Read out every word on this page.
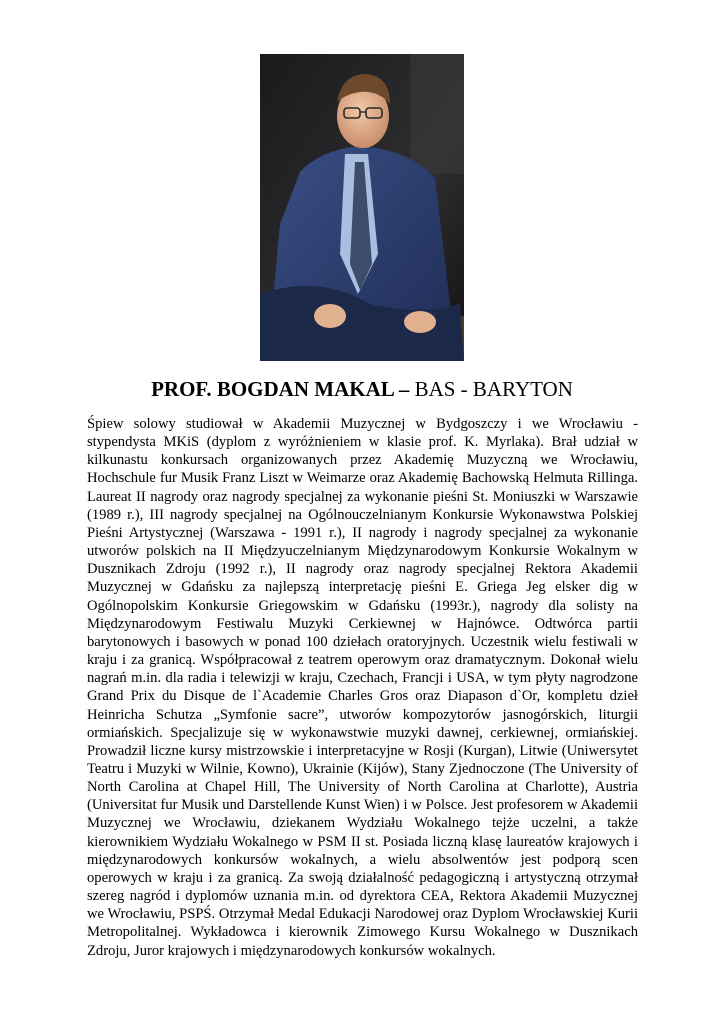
PROF. BOGDAN MAKAL – BAS - BARYTON

Śpiew solowy studiował w Akademii Muzycznej w Bydgoszczy i we Wrocławiu - stypendysta MKiS (dyplom z wyróżnieniem w klasie prof. K. Myrlaka). Brał udział w kilkunastu konkursach organizowanych przez Akademię Muzyczną we Wrocławiu, Hochschule fur Musik Franz Liszt w Weimarze oraz Akademię Bachowską Helmuta Rillinga. Laureat II nagrody oraz nagrody specjalnej za wykonanie pieśni St. Moniuszki w Warszawie (1989 r.), III nagrody specjalnej na Ogólnouczelnianym Konkursie Wykonawstwa Polskiej Pieśni Artystycznej (Warszawa - 1991 r.), II nagrody i nagrody specjalnej za wykonanie utworów polskich na II Międzyuczelnianym Międzynarodowym Konkursie Wokalnym w Dusznikach Zdroju (1992 r.), II nagrody oraz nagrody specjalnej Rektora Akademii Muzycznej w Gdańsku za najlepszą interpretację pieśni E. Griega Jeg elsker dig w Ogólnopolskim Konkursie Griegowskim w Gdańsku (1993r.), nagrody dla solisty na Międzynarodowym Festiwalu Muzyki Cerkiewnej w Hajnówce. Odtwórca partii barytonowych i basowych w ponad 100 dziełach oratoryjnych. Uczestnik wielu festiwali w kraju i za granicą. Współpracował z teatrem operowym oraz dramatycznym. Dokonał wielu nagrań m.in. dla radia i telewizji w kraju, Czechach, Francji i USA, w tym płyty nagrodzone Grand Prix du Disque de l`Academie Charles Gros oraz Diapason d`Or, kompletu dzieł Heinricha Schutza „Symfonie sacre”, utworów kompozytorów jasnogórskich, liturgii ormiańskich. Specjalizuje się w wykonawstwie muzyki dawnej, cerkiewnej, ormiańskiej. Prowadził liczne kursy mistrzowskie i interpretacyjne w Rosji (Kurgan), Litwie (Uniwersytet Teatru i Muzyki w Wilnie, Kowno), Ukrainie (Kijów), Stany Zjednoczone (The University of North Carolina at Chapel Hill, The University of North Carolina at Charlotte), Austria (Universitat fur Musik und Darstellende Kunst Wien) i w Polsce. Jest profesorem w Akademii Muzycznej we Wrocławiu, dziekanem Wydziału Wokalnego tejże uczelni, a także kierownikiem Wydziału Wokalnego w PSM II st. Posiada liczną klasę laureatów krajowych i międzynarodowych konkursów wokalnych, a wielu absolwentów jest podporą scen operowych w kraju i za granicą. Za swoją działalność pedagogiczną i artystyczną otrzymał szereg nagród i dyplomów uznania m.in. od dyrektora CEA, Rektora Akademii Muzycznej we Wrocławiu, PSPŚ. Otrzymał Medal Edukacji Narodowej oraz Dyplom Wrocławskiej Kurii Metropolitalnej. Wykładowca i kierownik Zimowego Kursu Wokalnego w Dusznikach Zdroju, Juror krajowych i międzynarodowych konkursów wokalnych.
